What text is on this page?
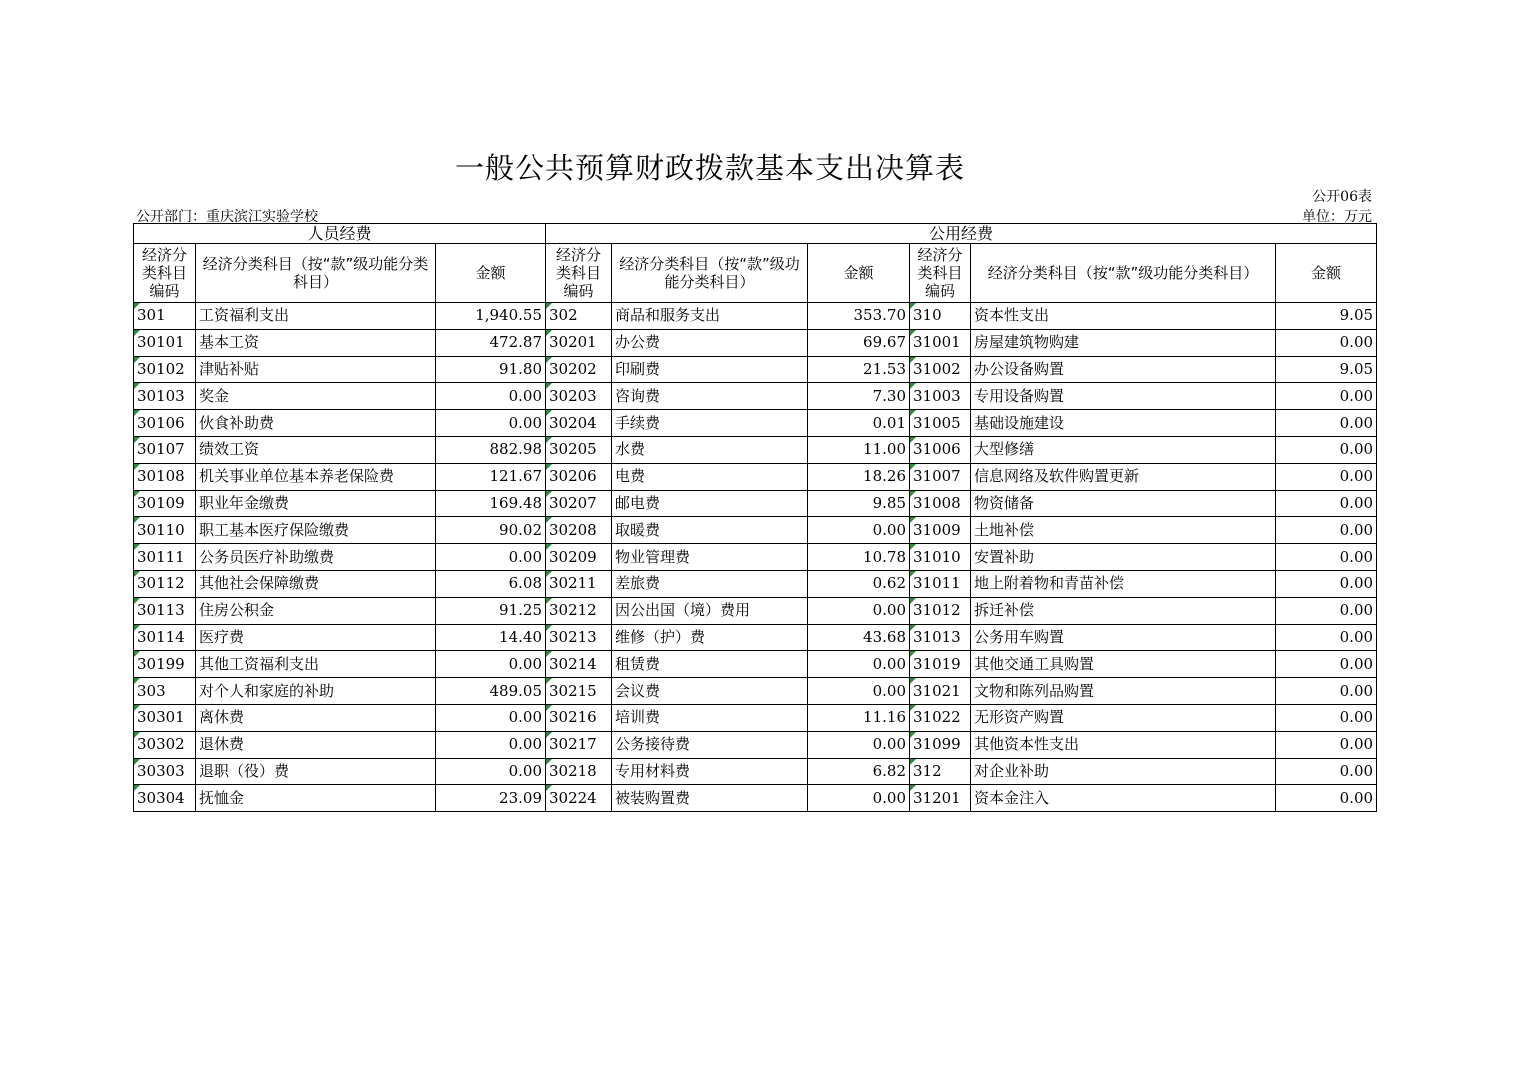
一般公共预算财政拨款基本支出决算表
公开06表
公开部门：重庆滨江实验学校	单位：万元
人员经费			公用经费					
经济分类科目编码	经济分类科目（按“款”级功能分类科目）	金额	经济分类科目编码	经济分类科目（按“款”级功能分类科目）	金额	经济分类科目编码	经济分类科目（按“款”级功能分类科目）	金额
301	工资福利支出	1,940.55	302	商品和服务支出	353.70	310	资本性支出	9.05
30101	基本工资	472.87	30201	办公费	69.67	31001	房屋建筑物购建	0.00
30102	津贴补贴	91.80	30202	印刷费	21.53	31002	办公设备购置	9.05
30103	奖金	0.00	30203	咨询费	7.30	31003	专用设备购置	0.00
30106	伙食补助费	0.00	30204	手续费	0.01	31005	基础设施建设	0.00
30107	绩效工资	882.98	30205	水费	11.00	31006	大型修缮	0.00
30108	机关事业单位基本养老保险费	121.67	30206	电费	18.26	31007	信息网络及软件购置更新	0.00
30109	职业年金缴费	169.48	30207	邮电费	9.85	31008	物资储备	0.00
30110	职工基本医疗保险缴费	90.02	30208	取暖费	0.00	31009	土地补偿	0.00
30111	公务员医疗补助缴费	0.00	30209	物业管理费	10.78	31010	安置补助	0.00
30112	其他社会保障缴费	6.08	30211	差旅费	0.62	31011	地上附着物和青苗补偿	0.00
30113	住房公积金	91.25	30212	因公出国（境）费用	0.00	31012	拆迁补偿	0.00
30114	医疗费	14.40	30213	维修（护）费	43.68	31013	公务用车购置	0.00
30199	其他工资福利支出	0.00	30214	租赁费	0.00	31019	其他交通工具购置	0.00
303	对个人和家庭的补助	489.05	30215	会议费	0.00	31021	文物和陈列品购置	0.00
30301	离休费	0.00	30216	培训费	11.16	31022	无形资产购置	0.00
30302	退休费	0.00	30217	公务接待费	0.00	31099	其他资本性支出	0.00
30303	退职（役）费	0.00	30218	专用材料费	6.82	312	对企业补助	0.00
30304	抚恤金	23.09	30224	被装购置费	0.00	31201	资本金注入	0.00
